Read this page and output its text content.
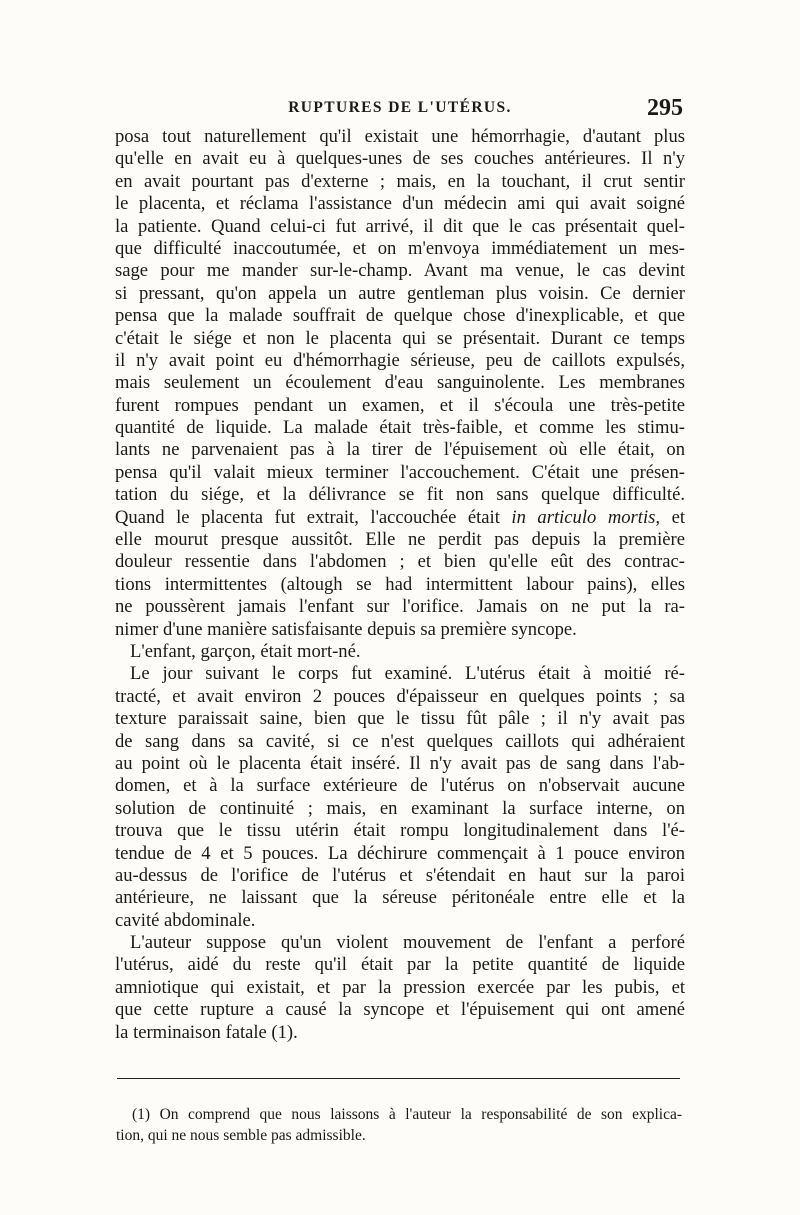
RUPTURES DE L'UTÉRUS.	295
posa tout naturellement qu'il existait une hémorrhagie, d'autant plus
qu'elle en avait eu à quelques-unes de ses couches antérieures. Il n'y
en avait pourtant pas d'externe ; mais, en la touchant, il crut sentir
le placenta, et réclama l'assistance d'un médecin ami qui avait soigné
la patiente. Quand celui-ci fut arrivé, il dit que le cas présentait quel-
que difficulté inaccoutumée, et on m'envoya immédiatement un mes-
sage pour me mander sur-le-champ. Avant ma venue, le cas devint
si pressant, qu'on appela un autre gentleman plus voisin. Ce dernier
pensa que la malade souffrait de quelque chose d'inexplicable, et que
c'était le siége et non le placenta qui se présentait. Durant ce temps
il n'y avait point eu d'hémorrhagie sérieuse, peu de caillots expulsés,
mais seulement un écoulement d'eau sanguinolente. Les membranes
furent rompues pendant un examen, et il s'écoula une très-petite
quantité de liquide. La malade était très-faible, et comme les stimu-
lants ne parvenaient pas à la tirer de l'épuisement où elle était, on
pensa qu'il valait mieux terminer l'accouchement. C'était une présen-
tation du siége, et la délivrance se fit non sans quelque difficulté.
Quand le placenta fut extrait, l'accouchée était in articulo mortis, et
elle mourut presque aussitôt. Elle ne perdit pas depuis la première
douleur ressentie dans l'abdomen ; et bien qu'elle eût des contrac-
tions intermittentes (altough se had intermittent labour pains), elles
ne poussèrent jamais l'enfant sur l'orifice. Jamais on ne put la ra-
nimer d'une manière satisfaisante depuis sa première syncope.
L'enfant, garçon, était mort-né.
Le jour suivant le corps fut examiné. L'utérus était à moitié ré-
tracté, et avait environ 2 pouces d'épaisseur en quelques points ; sa
texture paraissait saine, bien que le tissu fût pâle ; il n'y avait pas
de sang dans sa cavité, si ce n'est quelques caillots qui adhéraient
au point où le placenta était inséré. Il n'y avait pas de sang dans l'ab-
domen, et à la surface extérieure de l'utérus on n'observait aucune
solution de continuité ; mais, en examinant la surface interne, on
trouva que le tissu utérin était rompu longitudinalement dans l'é-
tendue de 4 et 5 pouces. La déchirure commençait à 1 pouce environ
au-dessus de l'orifice de l'utérus et s'étendait en haut sur la paroi
antérieure, ne laissant que la séreuse péritonéale entre elle et la
cavité abdominale.
L'auteur suppose qu'un violent mouvement de l'enfant a perforé
l'utérus, aidé du reste qu'il était par la petite quantité de liquide
amniotique qui existait, et par la pression exercée par les pubis, et
que cette rupture a causé la syncope et l'épuisement qui ont amené
la terminaison fatale (1).
(1) On comprend que nous laissons à l'auteur la responsabilité de son explica-
tion, qui ne nous semble pas admissible.
